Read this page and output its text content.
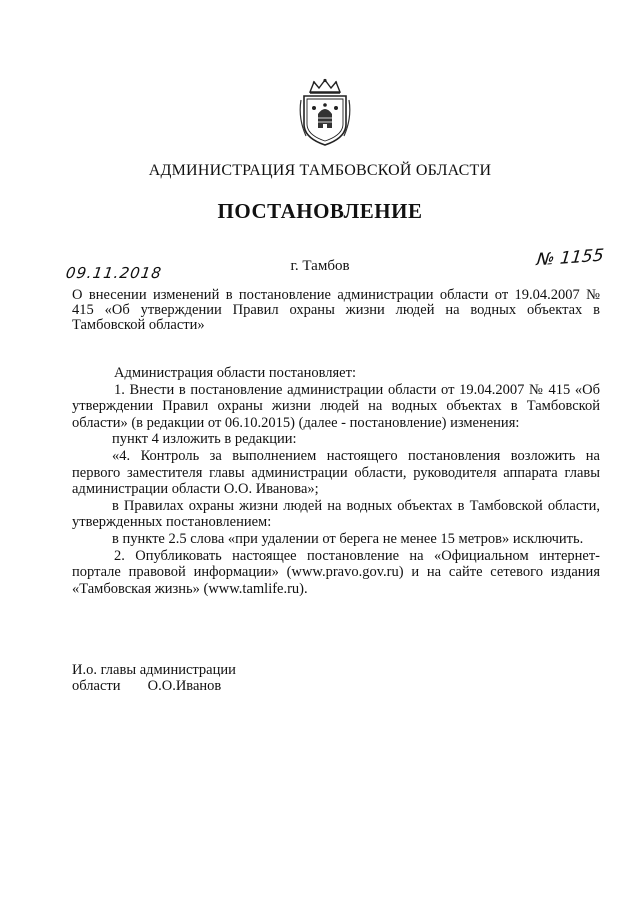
АДМИНИСТРАЦИЯ ТАМБОВСКОЙ ОБЛАСТИ
ПОСТАНОВЛЕНИЕ
09.11.2018	г. Тамбов	№ 1155
О внесении изменений в постановление администрации области от 19.04.2007 № 415 «Об утверждении Правил охраны жизни людей на водных объектах в Тамбовской области»

Администрация области постановляет:

1. Внести в постановление администрации области от 19.04.2007 № 415 «Об утверждении Правил охраны жизни людей на водных объектах в Тамбовской области» (в редакции от 06.10.2015) (далее - постановление) изменения:

пункт 4 изложить в редакции:

«4. Контроль за выполнением настоящего постановления возложить на первого заместителя главы администрации области, руководителя аппарата главы администрации области О.О. Иванова»;

в Правилах охраны жизни людей на водных объектах в Тамбовской области, утвержденных постановлением:

в пункте 2.5 слова «при удалении от берега не менее 15 метров» исключить.

2. Опубликовать настоящее постановление на «Официальном интернет-портале правовой информации» (www.pravo.gov.ru) и на сайте сетевого издания «Тамбовская жизнь» (www.tamlife.ru).

И.о. главы администрации
области О.О.Иванов
